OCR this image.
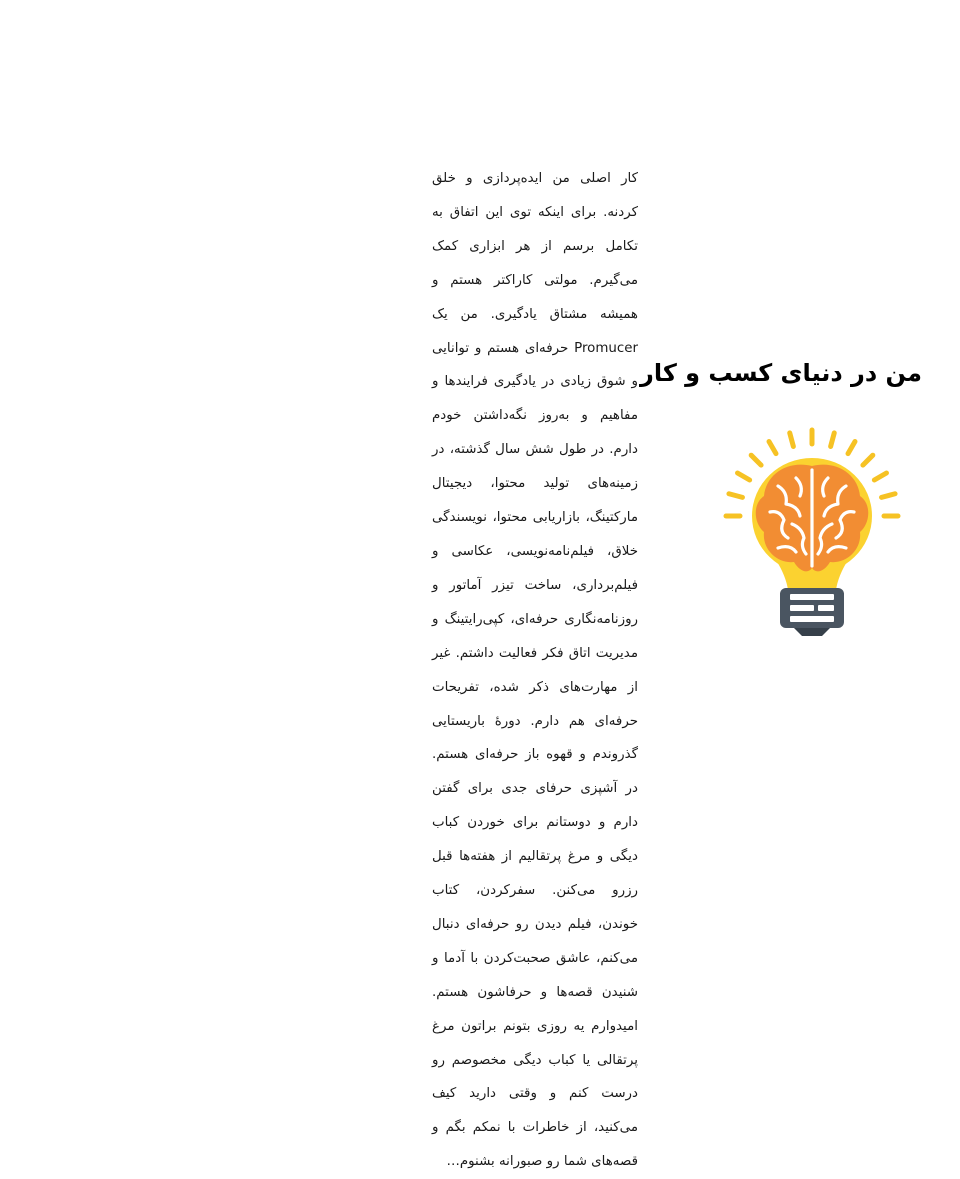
من در دنیای کسب و کار

کار اصلی من ایده‌پردازی و خلق کردنه. برای اینکه توی این اتفاق به تکامل برسم از هر ابزاری کمک می‌گیرم. مولتی کاراکتر هستم و همیشه مشتاق یادگیری. من یک Promucer حرفه‌ای هستم و توانایی و شوق زیادی در یادگیری فرایندها و مفاهیم و به‌روز نگه‌داشتن خودم دارم. در طول شش سال گذشته، در زمینه‌های تولید محتوا، دیجیتال مارکتینگ، بازاریابی محتوا، نویسندگی خلاق، فیلم‌نامه‌نویسی، عکاسی و فیلم‌برداری، ساخت تیزر آماتور و روزنامه‌نگاری حرفه‌ای، کپی‌رایتینگ و مدیریت اتاق فکر فعالیت داشتم. غیر از مهارت‌های ذکر شده، تفریحات حرفه‌ای هم دارم. دورهٔ باریستایی گذروندم و قهوه باز حرفه‌ای هستم. در آشپزی حرفای جدی برای گفتن دارم و دوستانم برای خوردن کباب دیگی و مرغ پرتقالیم از هفته‌ها قبل رزرو می‌کنن. سفرکردن، کتاب خوندن، فیلم دیدن رو حرفه‌ای دنبال می‌کنم، عاشق صحبت‌کردن با آدما و شنیدن قصه‌ها و حرفاشون هستم. امیدوارم یه روزی بتونم براتون مرغ پرتقالی یا کباب دیگی مخصوصم رو درست کنم و وقتی دارید کیف می‌کنید، از خاطرات با نمکم بگم و قصه‌های شما رو صبورانه بشنوم…
